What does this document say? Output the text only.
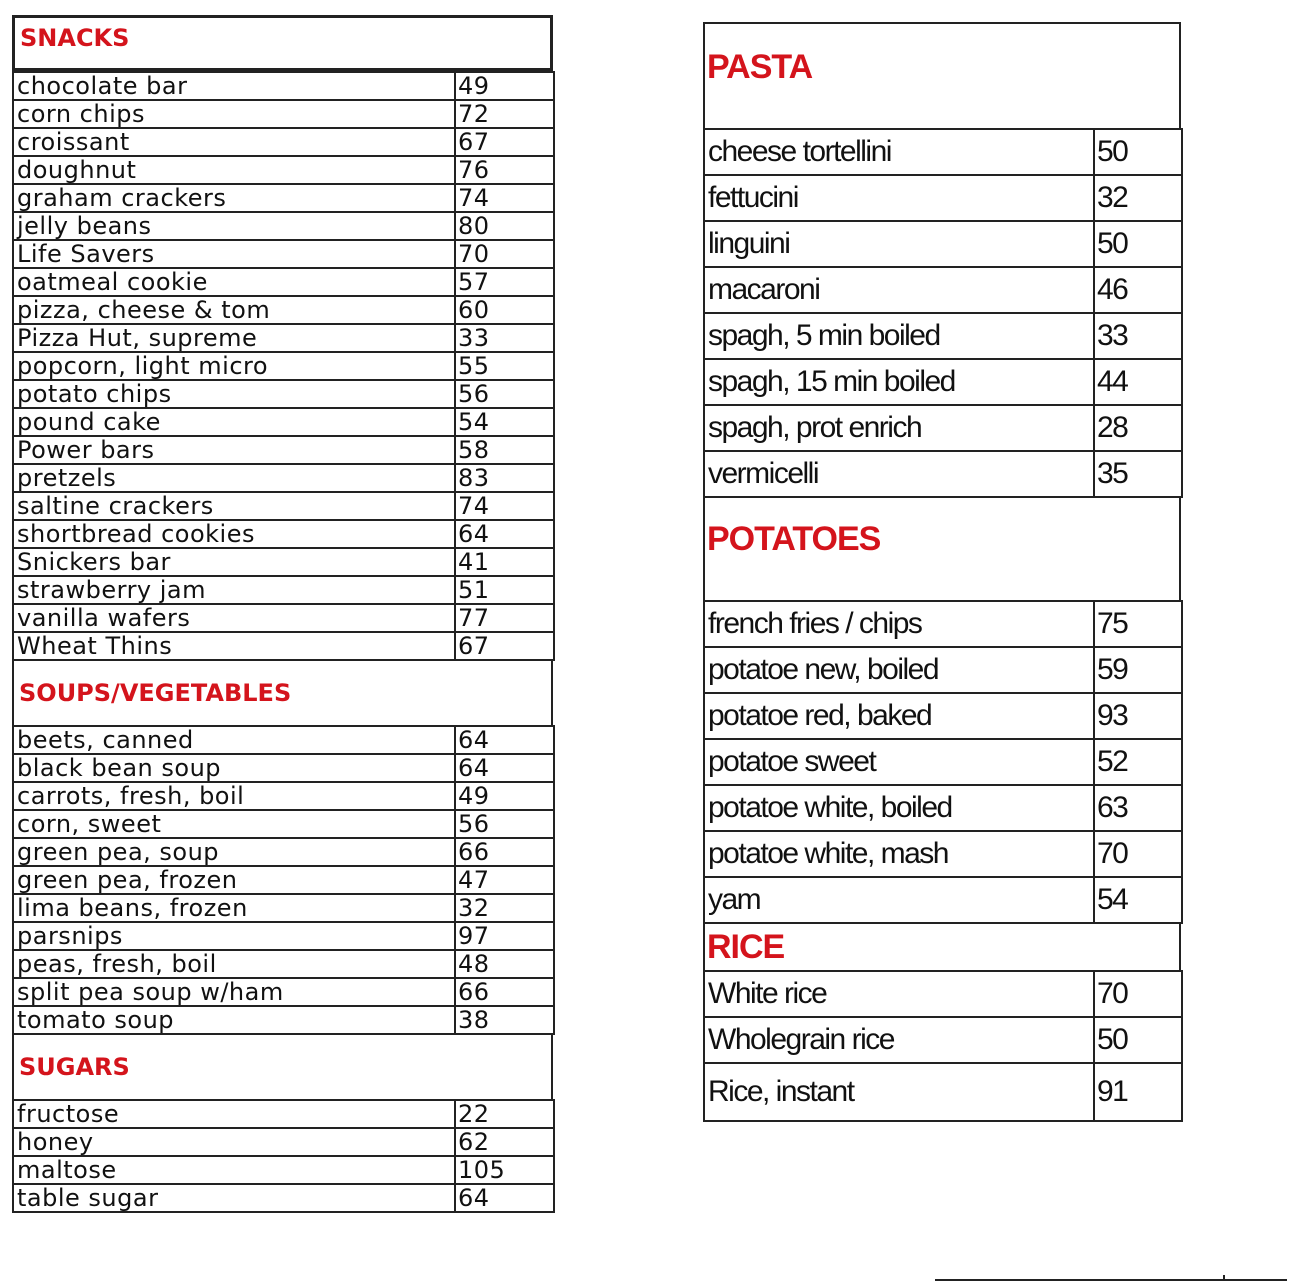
SNACKS
chocolate bar	49
corn chips	72
croissant	67
doughnut	76
graham crackers	74
jelly beans	80
Life Savers	70
oatmeal cookie	57
pizza, cheese & tom	60
Pizza Hut, supreme	33
popcorn, light micro	55
potato chips	56
pound cake	54
Power bars	58
pretzels	83
saltine crackers	74
shortbread cookies	64
Snickers bar	41
strawberry jam	51
vanilla wafers	77
Wheat Thins	67
SOUPS/VEGETABLES
beets, canned	64
black bean soup	64
carrots, fresh, boil	49
corn, sweet	56
green pea, soup	66
green pea, frozen	47
lima beans, frozen	32
parsnips	97
peas, fresh, boil	48
split pea soup w/ham	66
tomato soup	38
SUGARS
fructose	22
honey	62
maltose	105
table sugar	64
PASTA
cheese tortellini	50
fettucini	32
linguini	50
macaroni	46
spagh, 5 min boiled	33
spagh, 15 min boiled	44
spagh, prot enrich	28
vermicelli	35
POTATOES
french fries / chips	75
potatoe new, boiled	59
potatoe red, baked	93
potatoe sweet	52
potatoe white, boiled	63
potatoe white, mash	70
yam	54
RICE
White rice	70
Wholegrain rice	50
Rice, instant	91
